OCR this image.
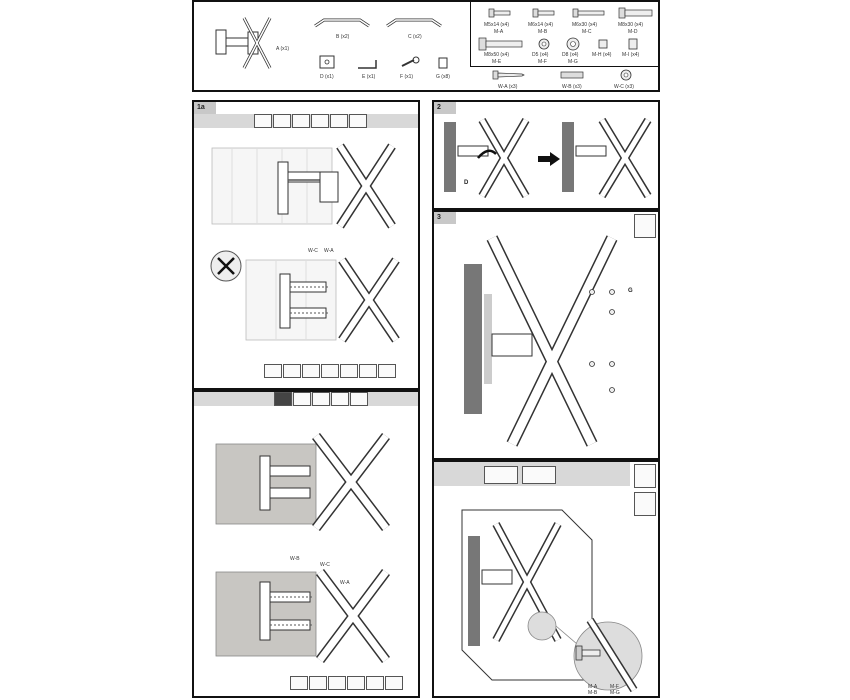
A (x1)
B (x2)	C (x2)
D (x1)	E (x1)	F (x1)	G (x8)
M5x14 (x4)
M-A
M6x14 (x4)
M-B
M6x30 (x4)
M-C
M8x30 (x4)
M-D
M8x50 (x4)
M-E
D5 (x4)
M-F
D8 (x4)
M-G
M-H (x4) M-I (x4)
W-A (x3)	W-B (x3)	W-C (x3)
1a
W-C W-A
W-B
W-C
W-A
2
D
3
G
M-A
M-B
M-F
M-G
